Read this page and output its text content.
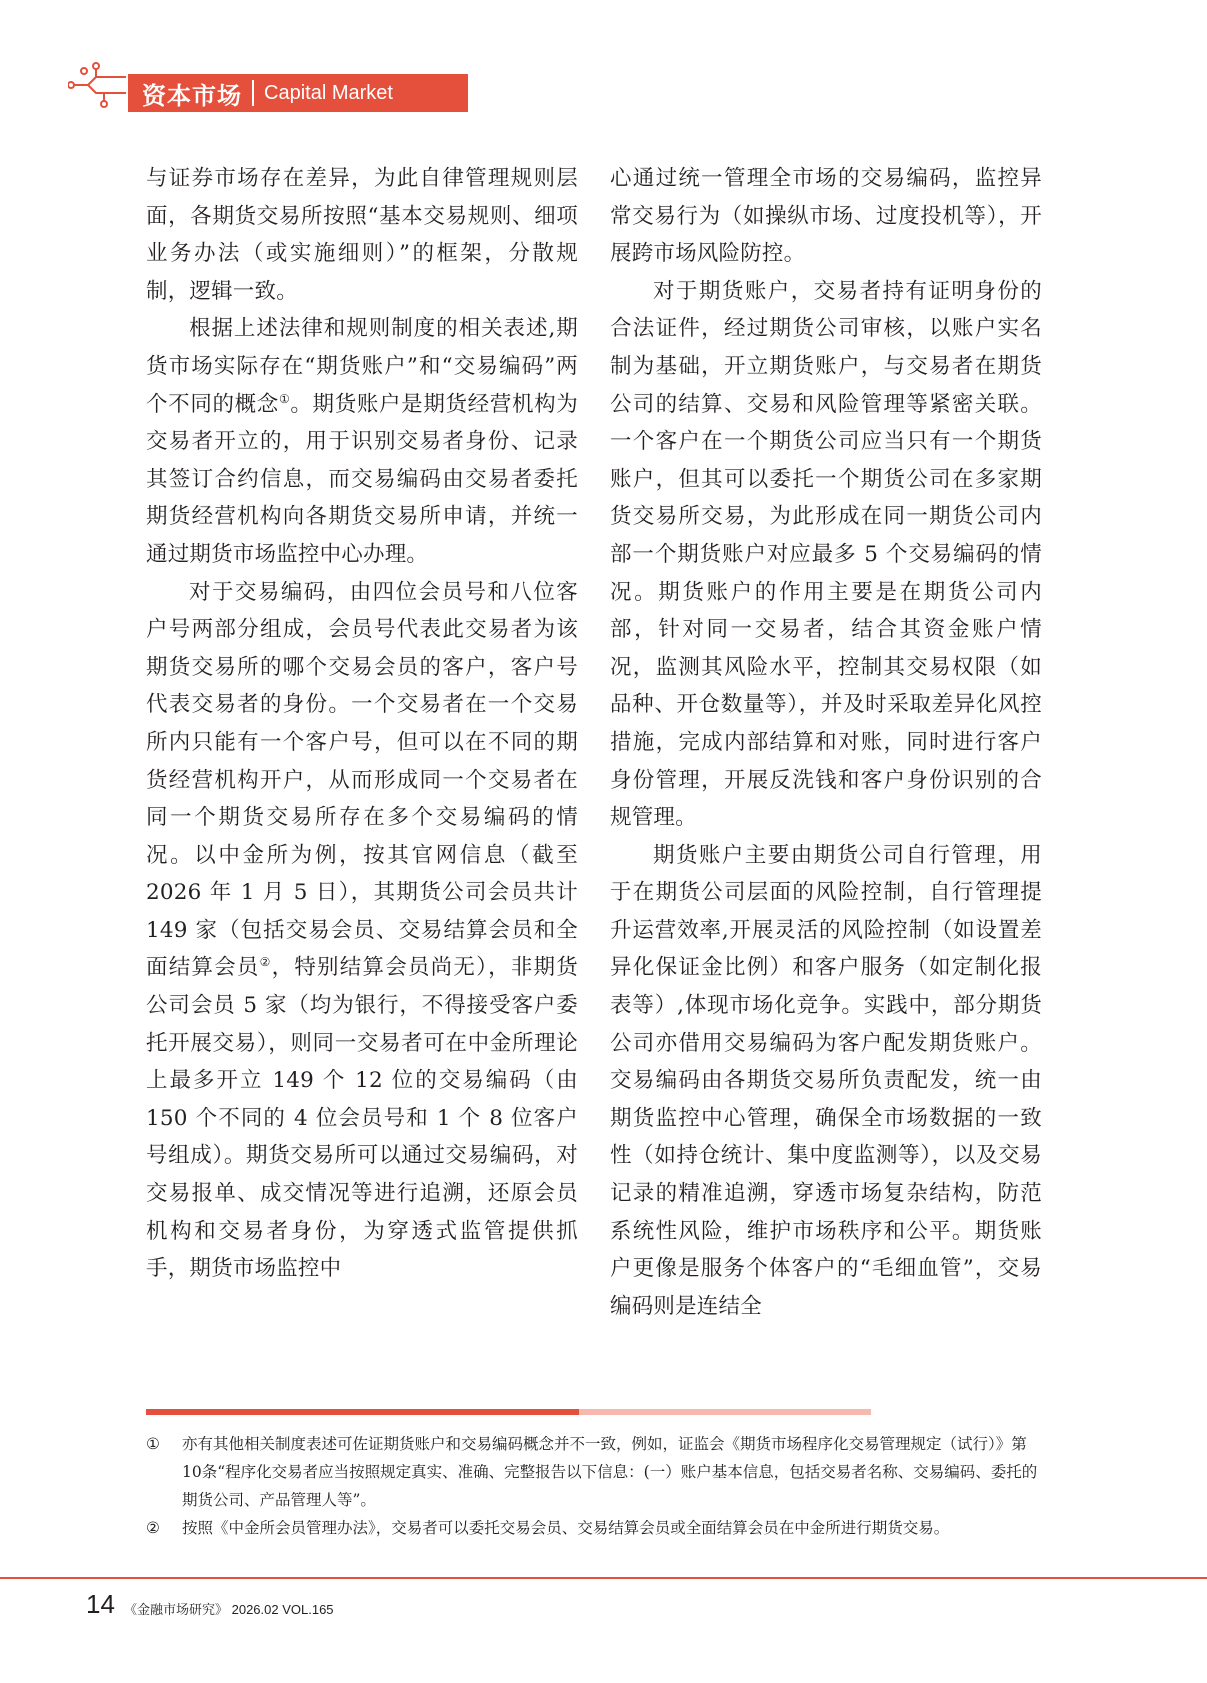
资本市场 Capital Market

与证券市场存在差异，为此自律管理规则层面，各期货交易所按照“基本交易规则、细项业务办法（或实施细则）”的框架，分散规制，逻辑一致。

根据上述法律和规则制度的相关表述,期货市场实际存在“期货账户”和“交易编码”两个不同的概念①。期货账户是期货经营机构为交易者开立的，用于识别交易者身份、记录其签订合约信息，而交易编码由交易者委托期货经营机构向各期货交易所申请，并统一通过期货市场监控中心办理。

对于交易编码，由四位会员号和八位客户号两部分组成，会员号代表此交易者为该期货交易所的哪个交易会员的客户，客户号代表交易者的身份。一个交易者在一个交易所内只能有一个客户号，但可以在不同的期货经营机构开户，从而形成同一个交易者在同一个期货交易所存在多个交易编码的情况。以中金所为例，按其官网信息（截至 2026 年 1 月 5 日），其期货公司会员共计 149 家（包括交易会员、交易结算会员和全面结算会员②，特别结算会员尚无），非期货公司会员 5 家（均为银行，不得接受客户委托开展交易），则同一交易者可在中金所理论上最多开立 149 个 12 位的交易编码（由 150 个不同的 4 位会员号和 1 个 8 位客户号组成）。期货交易所可以通过交易编码，对交易报单、成交情况等进行追溯，还原会员机构和交易者身份，为穿透式监管提供抓手，期货市场监控中

心通过统一管理全市场的交易编码，监控异常交易行为（如操纵市场、过度投机等），开展跨市场风险防控。

对于期货账户，交易者持有证明身份的合法证件，经过期货公司审核，以账户实名制为基础，开立期货账户，与交易者在期货公司的结算、交易和风险管理等紧密关联。一个客户在一个期货公司应当只有一个期货账户，但其可以委托一个期货公司在多家期货交易所交易，为此形成在同一期货公司内部一个期货账户对应最多 5 个交易编码的情况。期货账户的作用主要是在期货公司内部，针对同一交易者，结合其资金账户情况，监测其风险水平，控制其交易权限（如品种、开仓数量等），并及时采取差异化风控措施，完成内部结算和对账，同时进行客户身份管理，开展反洗钱和客户身份识别的合规管理。

期货账户主要由期货公司自行管理，用于在期货公司层面的风险控制，自行管理提升运营效率,开展灵活的风险控制（如设置差异化保证金比例）和客户服务（如定制化报表等）,体现市场化竞争。实践中，部分期货公司亦借用交易编码为客户配发期货账户。交易编码由各期货交易所负责配发，统一由期货监控中心管理，确保全市场数据的一致性（如持仓统计、集中度监测等），以及交易记录的精准追溯，穿透市场复杂结构，防范系统性风险，维护市场秩序和公平。期货账户更像是服务个体客户的“毛细血管”，交易编码则是连结全

①	亦有其他相关制度表述可佐证期货账户和交易编码概念并不一致，例如，证监会《期货市场程序化交易管理规定（试行）》第10条“程序化交易者应当按照规定真实、准确、完整报告以下信息：(一）账户基本信息，包括交易者名称、交易编码、委托的期货公司、产品管理人等”。
②	按照《中金所会员管理办法》，交易者可以委托交易会员、交易结算会员或全面结算会员在中金所进行期货交易。
14 《金融市场研究》 2026.02 VOL.165
